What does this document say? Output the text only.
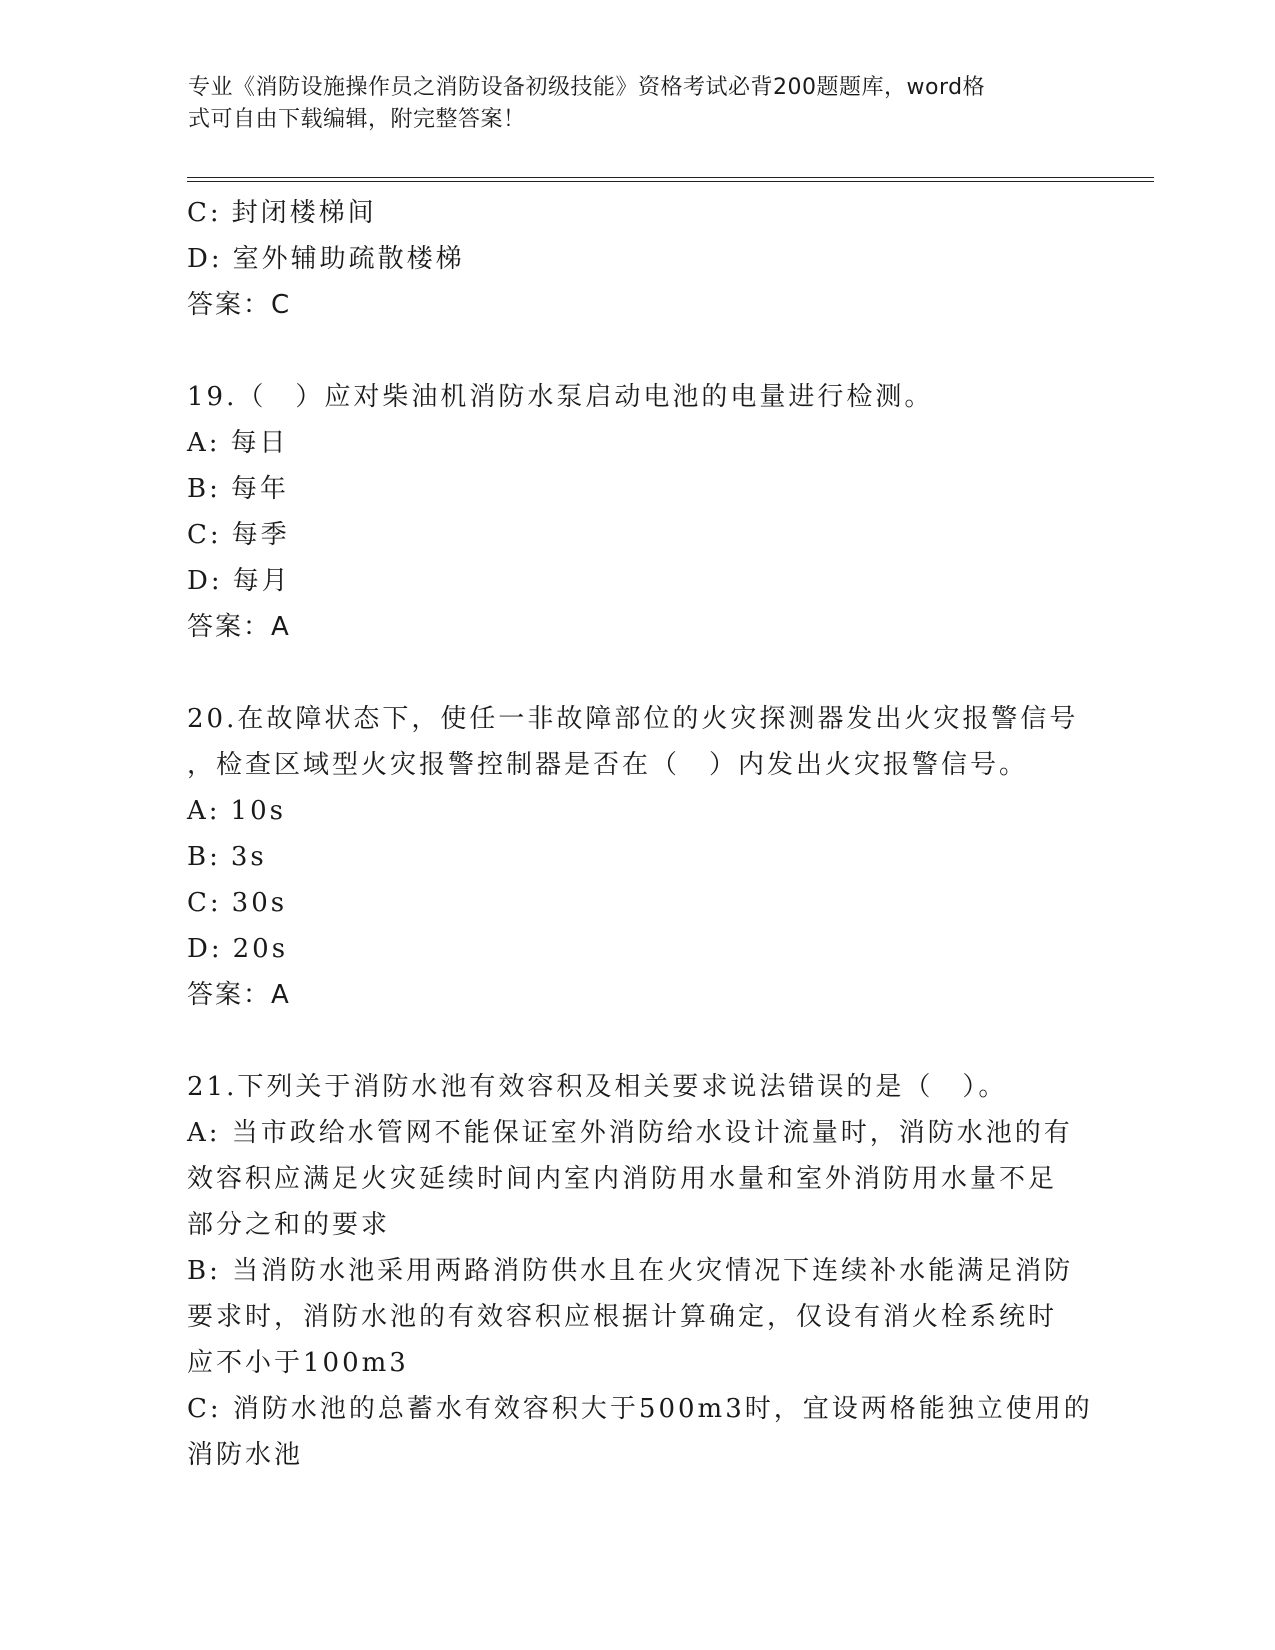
专业《消防设施操作员之消防设备初级技能》资格考试必背200题题库，word格
式可自由下载编辑，附完整答案！
C: 封闭楼梯间
D: 室外辅助疏散楼梯
答案：C
19.（　）应对柴油机消防水泵启动电池的电量进行检测。
A: 每日
B: 每年
C: 每季
D: 每月
答案：A
20.在故障状态下，使任一非故障部位的火灾探测器发出火灾报警信号
，检查区域型火灾报警控制器是否在（　）内发出火灾报警信号。
A: 10s
B: 3s
C: 30s
D: 20s
答案：A
21.下列关于消防水池有效容积及相关要求说法错误的是（　）。
A: 当市政给水管网不能保证室外消防给水设计流量时，消防水池的有
效容积应满足火灾延续时间内室内消防用水量和室外消防用水量不足
部分之和的要求
B: 当消防水池采用两路消防供水且在火灾情况下连续补水能满足消防
要求时，消防水池的有效容积应根据计算确定，仅设有消火栓系统时
应不小于100m3
C: 消防水池的总蓄水有效容积大于500m3时，宜设两格能独立使用的
消防水池
